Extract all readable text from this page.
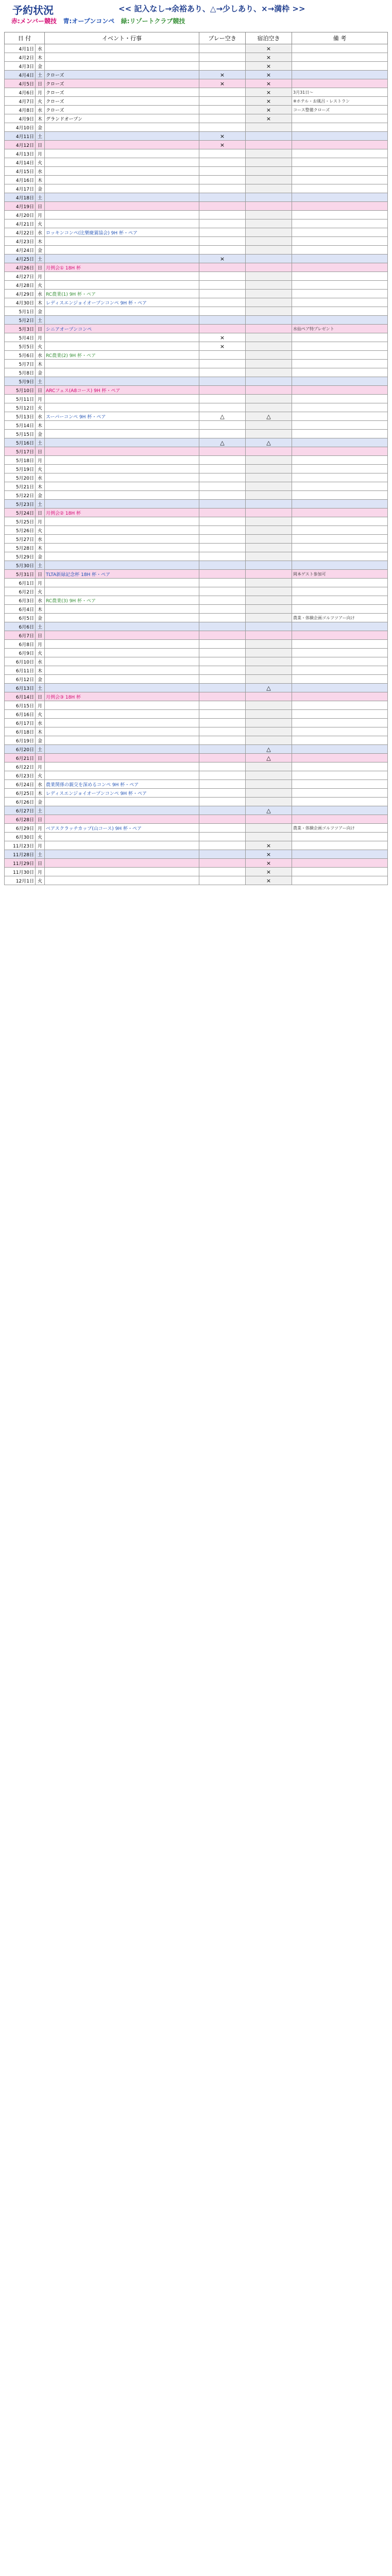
予約状況	<< 記入なし→余裕あり、△→少しあり、×→満枠 >>
赤:メンバー競技 青:オープンコンペ 緑:リゾートクラブ競技
日 付		イベント・行事	プレー空き	宿泊空き	備 考
4月1日	水			×	
4月2日	木			×	
4月3日	金			×	
4月4日	土	クローズ	×	×	
4月5日	日	クローズ	×	×	
4月6日	月	クローズ		×	3月31日〜
4月7日	火	クローズ		×	※ホテル・お風呂・レストラン
4月8日	水	クローズ		×	コース整備クローズ
4月9日	木	グランドオープン		×	
4月10日	金				
4月11日	土		×		
4月12日	日		×		
4月13日	月				
4月14日	火				
4月15日	水				
4月16日	木				
4月17日	金				
4月18日	土				
4月19日	日				
4月20日	月				
4月21日	火				
4月22日	水	ロッキンコンペ(比樂慶翼協会) 9H 杯・ペア			
4月23日	木				
4月24日	金				
4月25日	土		×		
4月26日	日	月例会① 18H 杯			
4月27日	月				
4月28日	火				
4月29日	水	RC農業(1) 9H 杯・ペア			
4月30日	木	レディスエンジョイオープンコンペ 9H 杯・ペア			
5月1日	金				
5月2日	土				
5月3日	日	シニアオープンコンペ			水仙ペア特プレゼント
5月4日	月		×		
5月5日	火		×		
5月6日	水	RC農業(2) 9H 杯・ペア			
5月7日	木				
5月8日	金				
5月9日	土				
5月10日	日	ARCフェス(A8コース) 9H 杯・ペア			
5月11日	月				
5月12日	火				
5月13日	水	スーパーコンペ 9H 杯・ペア	△	△	
5月14日	木				
5月15日	金				
5月16日	土		△	△	
5月17日	日				
5月18日	月				
5月19日	火				
5月20日	水				
5月21日	木				
5月22日	金				
5月23日	土				
5月24日	日	月例会② 18H 杯			
5月25日	月				
5月26日	火				
5月27日	水				
5月28日	木				
5月29日	金				
5月30日	土				
5月31日	日	TLTA新緑記念杯 18H 杯・ペア			岡本ゲスト参加可
6月1日	月				
6月2日	火				
6月3日	水	RC農業(3) 9H 杯・ペア			
6月4日	木				
6月5日	金				農業・体験企画ゴルフツアー向け
6月6日	土				
6月7日	日				
6月8日	月				
6月9日	火				
6月10日	水				
6月11日	木				
6月12日	金				
6月13日	土			△	
6月14日	日	月例会③ 18H 杯			
6月15日	月				
6月16日	火				
6月17日	水				
6月18日	木				
6月19日	金				
6月20日	土			△	
6月21日	日			△	
6月22日	月				
6月23日	火				
6月24日	水	農業関係の親交を深めるコンペ 9H 杯・ペア			
6月25日	木	レディスエンジョイオープンコンペ 9H 杯・ペア			
6月26日	金				
6月27日	土			△	
6月28日	日				
6月29日	月	ベアスクラッチカップ(山コース) 9H 杯・ペア			農業・体験企画ゴルフツアー向け
6月30日	火				
11月23日	月			×	
11月28日	土			×	
11月29日	日			×	
11月30日	月			×	
12月1日	火			×	
